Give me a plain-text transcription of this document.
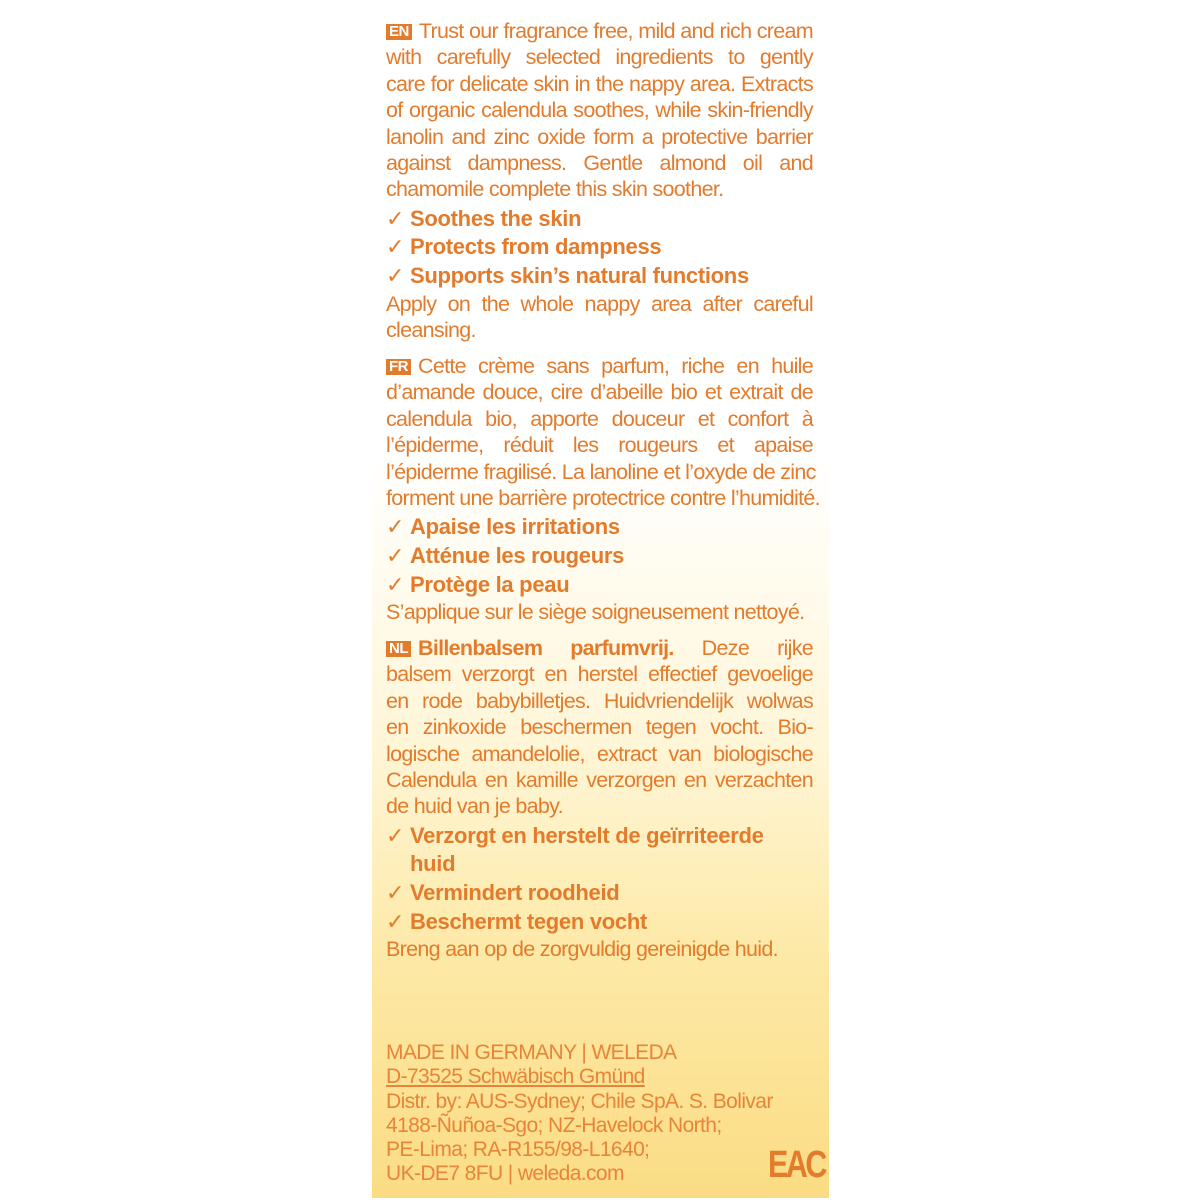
EN Trust our fragrance free, mild and rich cream
with carefully selected ingredients to gently
care for delicate skin in the nappy area. Extracts
of organic calendula soothes, while skin-friendly
lanolin and zinc oxide form a protective barrier
against dampness. Gentle almond oil and
chamomile complete this skin soother.
✓ Soothes the skin
✓ Protects from dampness
✓ Supports skin’s natural functions
Apply on the whole nappy area after careful
cleansing.
FR Cette crème sans parfum, riche en huile
d’amande douce, cire d’abeille bio et extrait de
calendula bio, apporte douceur et confort à
l’épiderme, réduit les rougeurs et apaise
l’épiderme fragilisé. La lanoline et l’oxyde de zinc
forment une barrière protectrice contre l’humidité.
✓ Apaise les irritations
✓ Atténue les rougeurs
✓ Protège la peau
S’applique sur le siège soigneusement nettoyé.
NL Billenbalsem parfumvrij. Deze rijke
balsem verzorgt en herstel effectief gevoelige
en rode babybilletjes. Huidvriendelijk wolwas
en zinkoxide beschermen tegen vocht. Bio-
logische amandelolie, extract van biologische
Calendula en kamille verzorgen en verzachten
de huid van je baby.
✓ Verzorgt en herstelt de geïrriteerde
huid
✓ Vermindert roodheid
✓ Beschermt tegen vocht
Breng aan op de zorgvuldig gereinigde huid.
MADE IN GERMANY | WELEDA
D-73525 Schwäbisch Gmünd
Distr. by: AUS-Sydney; Chile SpA. S. Bolivar
4188-Ñuñoa-Sgo; NZ-Havelock North;
PE-Lima; RA-R155/98-L1640;
UK-DE7 8FU | weleda.com	EAC
